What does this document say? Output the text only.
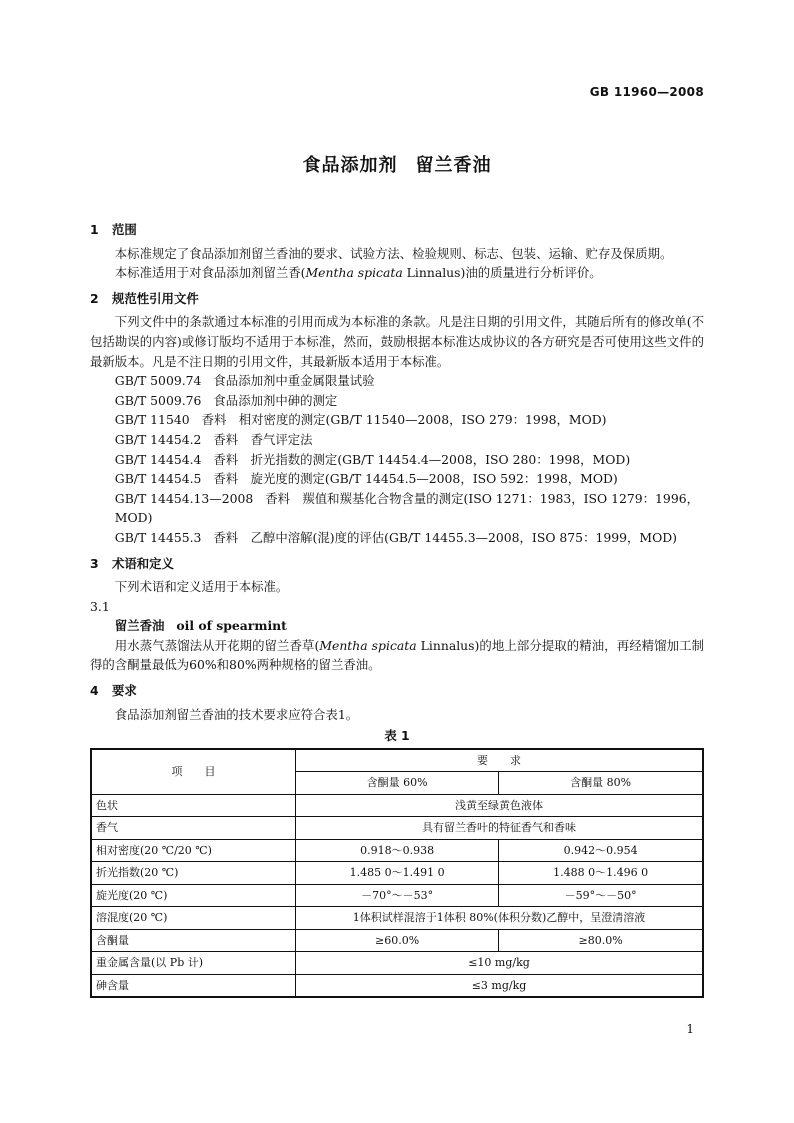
GB 11960—2008
食品添加剂 留兰香油

1 范围

本标准规定了食品添加剂留兰香油的要求、试验方法、检验规则、标志、包装、运输、贮存及保质期。

本标准适用于对食品添加剂留兰香(Mentha spicata Linnalus)油的质量进行分析评价。

2 规范性引用文件

下列文件中的条款通过本标准的引用而成为本标准的条款。凡是注日期的引用文件，其随后所有的修改单(不包括勘误的内容)或修订版均不适用于本标准，然而，鼓励根据本标准达成协议的各方研究是否可使用这些文件的最新版本。凡是不注日期的引用文件，其最新版本适用于本标准。

GB/T 5009.74 食品添加剂中重金属限量试验

GB/T 5009.76 食品添加剂中砷的测定

GB/T 11540 香料　相对密度的测定(GB/T 11540—2008，ISO 279：1998，MOD)

GB/T 14454.2 香料　香气评定法

GB/T 14454.4 香料　折光指数的测定(GB/T 14454.4—2008，ISO 280：1998，MOD)

GB/T 14454.5 香料　旋光度的测定(GB/T 14454.5—2008，ISO 592：1998，MOD)

GB/T 14454.13—2008 香料　羰值和羰基化合物含量的测定(ISO 1271：1983，ISO 1279：1996，MOD)

GB/T 14455.3 香料　乙醇中溶解(混)度的评估(GB/T 14455.3—2008，ISO 875：1999，MOD)

3 术语和定义

下列术语和定义适用于本标准。

3.1

留兰香油 oil of spearmint

用水蒸气蒸馏法从开花期的留兰香草(Mentha spicata Linnalus)的地上部分提取的精油，再经精馏加工制得的含酮量最低为60%和80%两种规格的留兰香油。

4 要求

食品添加剂留兰香油的技术要求应符合表1。

表 1
项　　目	要　　求	
	含酮量 60%	含酮量 80%
色状	浅黄至绿黄色液体	
香气	具有留兰香叶的特征香气和香味	
相对密度(20 ℃/20 ℃)	0.918～0.938	0.942～0.954
折光指数(20 ℃)	1.485 0～1.491 0	1.488 0～1.496 0
旋光度(20 ℃)	－70°～－53°	－59°～－50°
溶混度(20 ℃)	1体积试样混溶于1体积 80%(体积分数)乙醇中，呈澄清溶液	
含酮量	≥60.0%	≥80.0%
重金属含量(以 Pb 计)	≤10 mg/kg	
砷含量	≤3 mg/kg	
1
